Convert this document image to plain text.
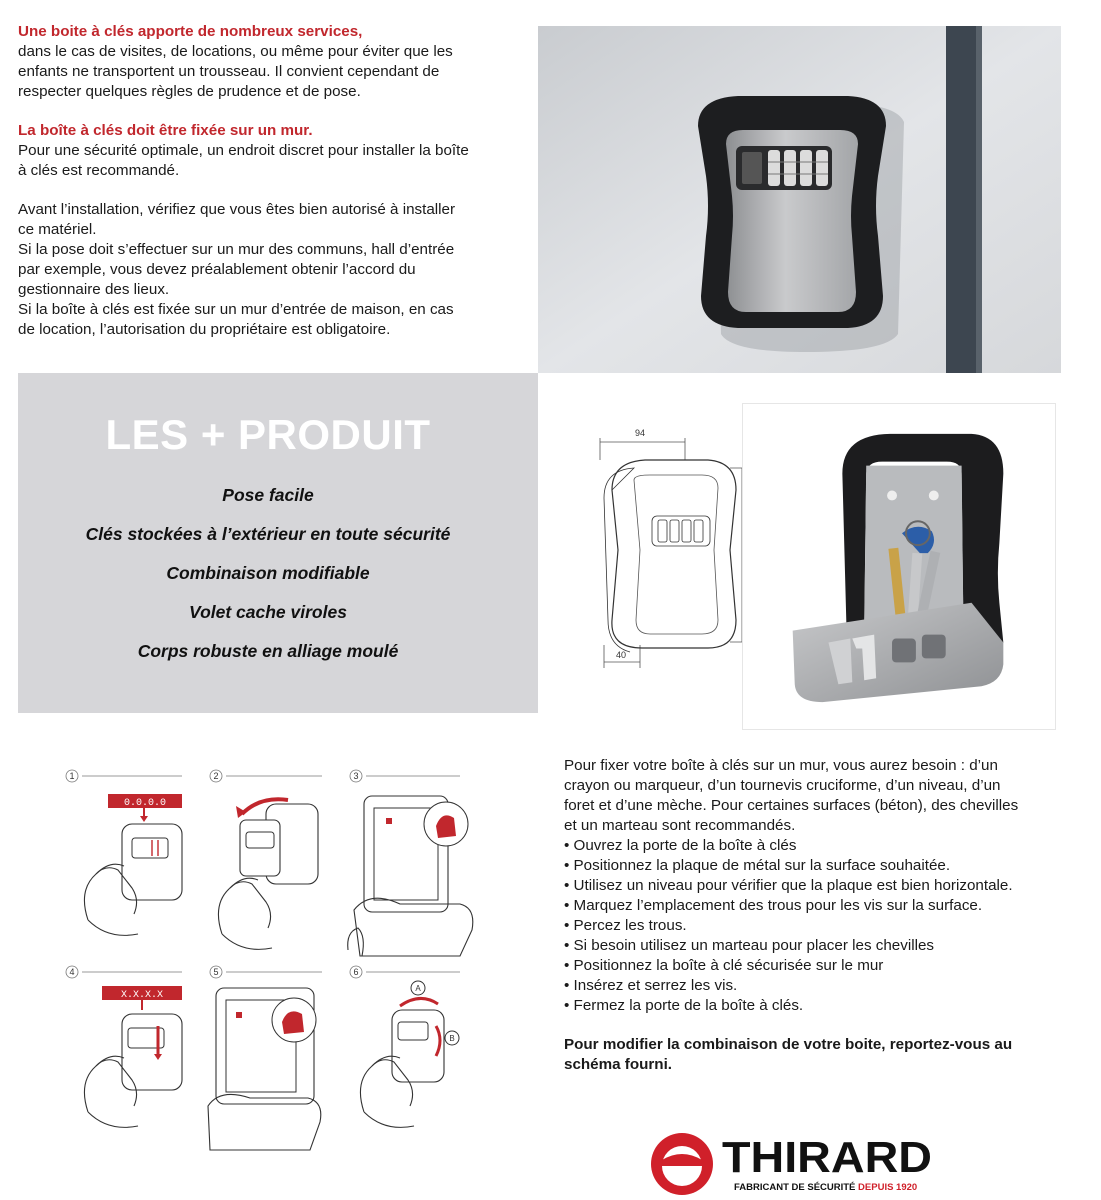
Une boite à clés apporte de nombreux services,

dans le cas de visites, de locations, ou même pour éviter que les

enfants ne transportent un trousseau. Il convient cependant de

respecter quelques règles de prudence et de pose.

La boîte à clés doit être fixée sur un mur.

Pour une sécurité optimale, un endroit discret pour installer la boîte

à clés est recommandé.

Avant l’installation, vérifiez que vous êtes bien autorisé à installer

ce matériel.

Si la pose doit s’effectuer sur un mur des communs, hall d’entrée

par exemple, vous devez préalablement obtenir l’accord du

gestionnaire des lieux.

Si la boîte à clés est fixée sur un mur d’entrée de maison, en cas

de location, l’autorisation du propriétaire est obligatoire.

LES + PRODUIT
Pose facile
Clés stockées à l’extérieur en toute sécurité
Combinaison modifiable
Volet cache viroles
Corps robuste en alliage moulé
94
40
1	2	3
4	5	6
0.0.0.0
X.X.X.X
A
B

Pour fixer votre boîte à clés sur un mur, vous aurez besoin : d’un

crayon ou marqueur, d’un tournevis cruciforme, d’un niveau, d’un

foret et d’une mèche. Pour certaines surfaces (béton), des chevilles

et un marteau sont recommandés.

• Ouvrez la porte de la boîte à clés

• Positionnez la plaque de métal sur la surface souhaitée.

• Utilisez un niveau pour vérifier que la plaque est bien horizontale.

• Marquez l’emplacement des trous pour les vis sur la surface.

• Percez les trous.

• Si besoin utilisez un marteau pour placer les chevilles

• Positionnez la boîte à clé sécurisée sur le mur

• Insérez et serrez les vis.

• Fermez la porte de la boîte à clés.

Pour modifier la combinaison de votre boite, reportez-vous au

schéma fourni.

THIRARD
FABRICANT DE SÉCURITÉ DEPUIS 1920
